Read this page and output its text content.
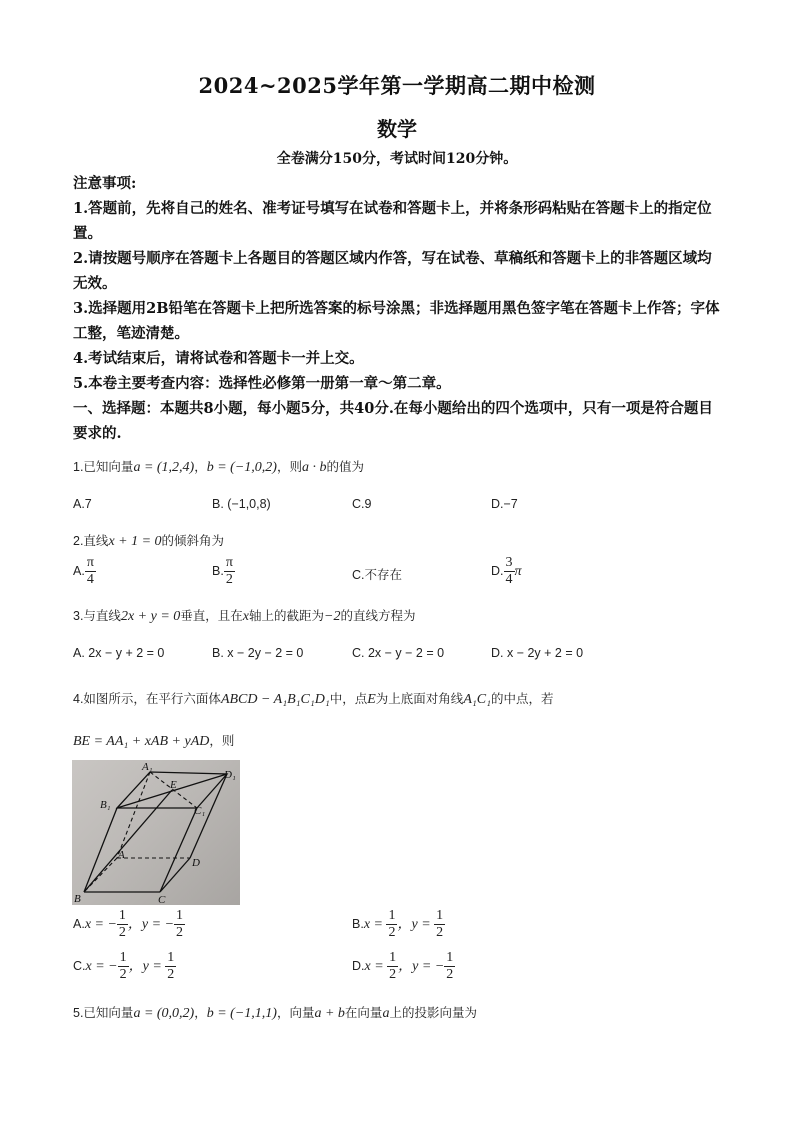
2024~2025学年第一学期高二期中检测
数学
全卷满分150分，考试时间120分钟。
注意事项:
1.答题前，先将自己的姓名、准考证号填写在试卷和答题卡上，并将条形码粘贴在答题卡上的指定位置。
2.请按题号顺序在答题卡上各题目的答题区域内作答，写在试卷、草稿纸和答题卡上的非答题区域均无效。
3.选择题用2B铅笔在答题卡上把所选答案的标号涂黑；非选择题用黑色签字笔在答题卡上作答；字体工整，笔迹清楚。
4.考试结束后，请将试卷和答题卡一并上交。
5.本卷主要考查内容：选择性必修第一册第一章～第二章。
一、选择题：本题共8小题，每小题5分，共40分.在每小题给出的四个选项中，只有一项是符合题目要求的.
1.已知向量a = (1,2,4)，b = (−1,0,2)，则a · b的值为
A.7	B. (−1,0,8)	C.9	D.−7
2.直线x + 1 = 0的倾斜角为
A. $\frac{\pi}{4}$	B. $\frac{\pi}{2}$	C.不存在	D. $\frac{3}{4}$ π
3.与直线2x + y = 0垂直，且在x轴上的截距为−2的直线方程为
A. 2x − y + 2 = 0	B. x − 2y − 2 = 0	C. 2x − y − 2 = 0	D. x − 2y + 2 = 0
4.如图所示，在平行六面体ABCD − A₁B₁C₁D₁中，点E为上底面对角线A₁C₁的中点，若
BE = AA₁ + xAB + yAD，则
A₁
D₁
B₁	C₁
E
A
D
B	C
A.x = − $\frac{1}{2}$ ，y = − $\frac{1}{2}$	$B.x = \frac{1}{2}$ ，$y = \frac{1}{2}$
C.x = − $\frac{1}{2}$ ，$y = \frac{1}{2}$	$D.x = \frac{1}{2}$ ，y = − $\frac{1}{2}$
5.已知向量a = (0,0,2)，b = (−1,1,1)，向量a + b在向量a上的投影向量为
